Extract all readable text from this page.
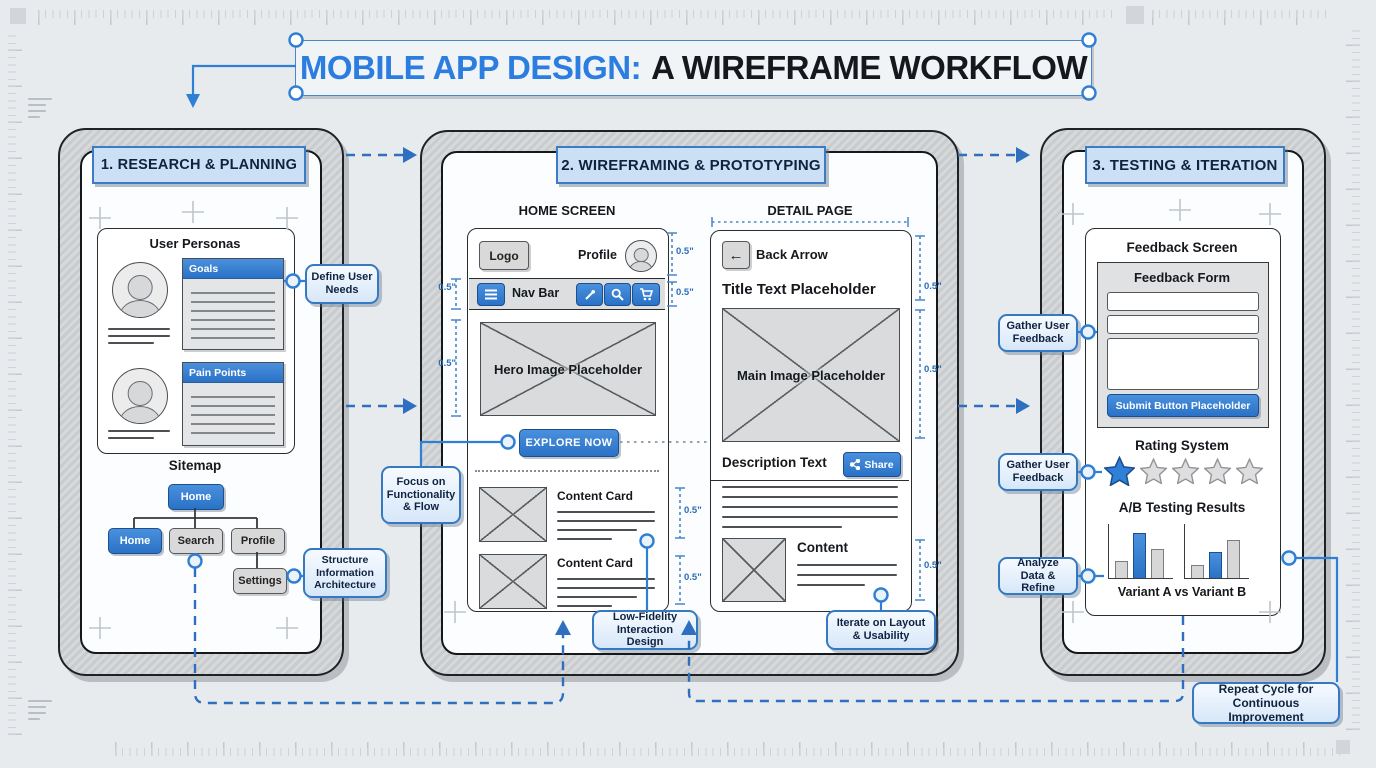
MOBILE APP DESIGN: A WIREFRAME WORKFLOW
1. RESEARCH & PLANNING
User Personas
Goals
Pain Points
Sitemap
Home
Home	Search	Profile
Settings
Define User Needs
Structure Information Architecture
2. WIREFRAMING & PROTOTYPING
HOME SCREEN	DETAIL PAGE
Logo	Profile
Nav Bar
Hero Image Placeholder
EXPLORE NOW
Content Card
Content Card
← Back Arrow
Title Text Placeholder
Main Image Placeholder
Description Text	Share
Content
0.5"
0.5"
0.5"
0.5"
0.5"
0.5"
0.5"
0.5"
0.5"
Focus on Functionality & Flow
Low-Fidelity Interaction Design
Iterate on Layout & Usability
3. TESTING & ITERATION
Feedback Screen
Feedback Form
Submit Button Placeholder
Rating System
A/B Testing Results
Variant A vs Variant B
Gather User Feedback
Gather User Feedback
Analyze Data & Refine
Repeat Cycle for Continuous Improvement
